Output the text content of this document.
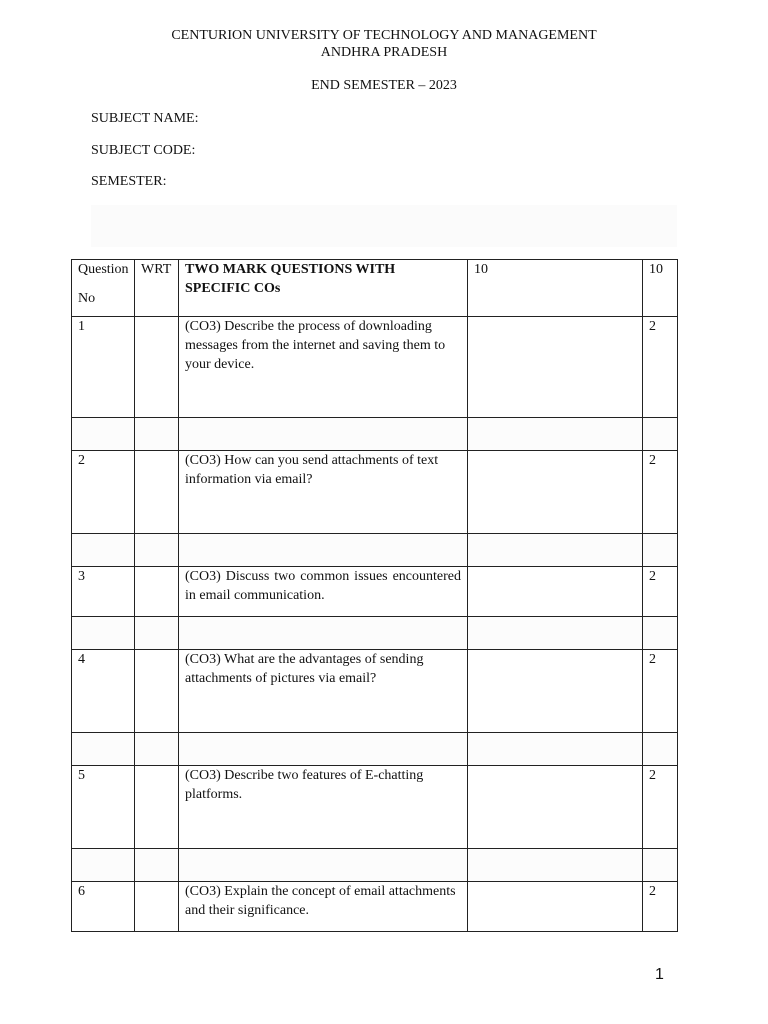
CENTURION UNIVERSITY OF TECHNOLOGY AND MANAGEMENT
ANDHRA PRADESH
END SEMESTER – 2023
SUBJECT NAME:
SUBJECT CODE:
SEMESTER:
Question
No	WRT	TWO MARK QUESTIONS WITH SPECIFIC COs	10	10
1		(CO3) Describe the process of downloading messages from the internet and saving them to your device.		2

2		(CO3) How can you send attachments of text information via email?		2

3		(CO3) Discuss two common issues encountered in email communication.		2

4		(CO3) What are the advantages of sending attachments of pictures via email?		2

5		(CO3) Describe two features of E-chatting platforms.		2

6		(CO3) Explain the concept of email attachments and their significance.		2
1
